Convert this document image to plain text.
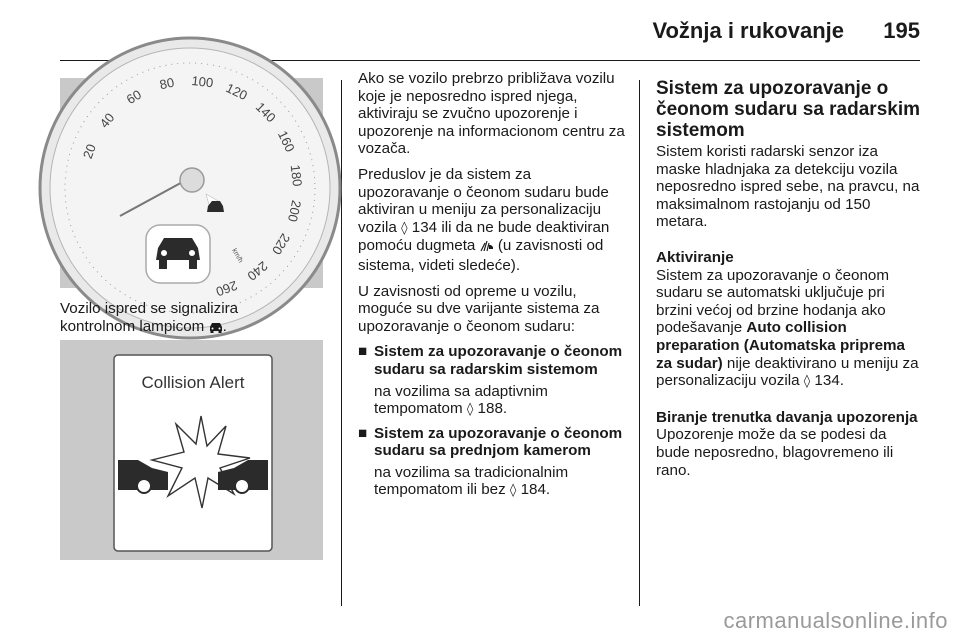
Vožnja i rukovanje 195
20
40
60
80 100 120
140
160
180
200
220
240
260
km/h
Vozilo ispred se signalizira
kontrolnom lampicom .
Collision Alert

Ako se vozilo prebrzo približava vozilu koje je neposredno ispred njega, aktiviraju se zvučno upozorenje i upozorenje na informacionom centru za vozača.

Preduslov je da sistem za upozoravanje o čeonom sudaru bude aktiviran u meniju za personalizaciju vozila ◊ 134 ili da ne bude deaktiviran pomoću dugmeta (u zavisnosti od sistema, videti sledeće).

U zavisnosti od opreme u vozilu, moguće su dve varijante sistema za upozoravanje o čeonom sudaru:

■ Sistem za upozoravanje o čeonom sudaru sa radarskim sistemom
na vozilima sa adaptivnim tempomatom ◊ 188.
■ Sistem za upozoravanje o čeonom sudaru sa prednjom kamerom
na vozilima sa tradicionalnim tempomatom ili bez ◊ 184.
Sistem za upozoravanje o čeonom sudaru sa radarskim sistemom

Sistem koristi radarski senzor iza maske hladnjaka za detekciju vozila neposredno ispred sebe, na pravcu, na maksimalnom rastojanju od 150 metara.

Aktiviranje

Sistem za upozoravanje o čeonom sudaru se automatski uključuje pri brzini većoj od brzine hodanja ako podešavanje Auto collision preparation (Automatska priprema za sudar) nije deaktivirano u meniju za personalizaciju vozila ◊ 134.

Biranje trenutka davanja upozorenja

Upozorenje može da se podesi da bude neposredno, blagovremeno ili rano.

carmanualsonline.info
